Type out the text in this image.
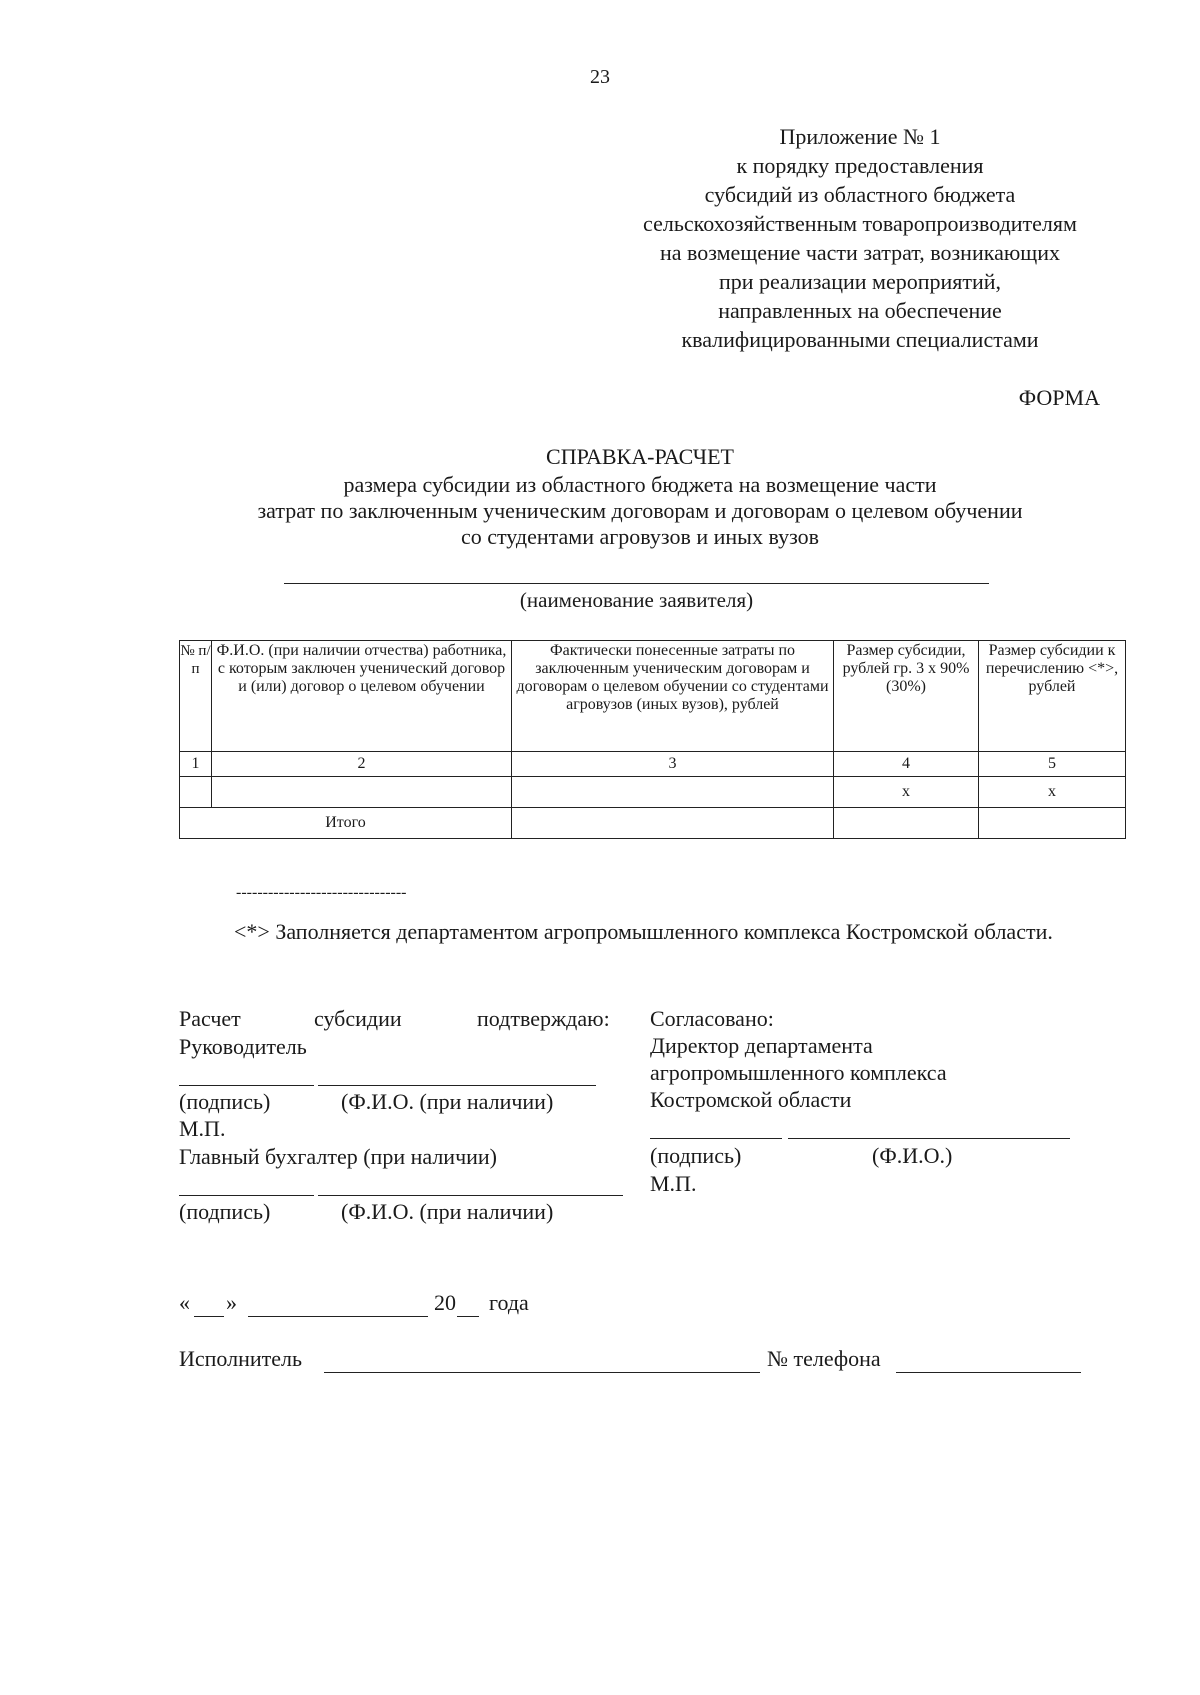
23
Приложение № 1
к порядку предоставления
субсидий из областного бюджета
сельскохозяйственным товаропроизводителям
на возмещение части затрат, возникающих
при реализации мероприятий,
направленных на обеспечение
квалифицированными специалистами
ФОРМА
СПРАВКА-РАСЧЕТ
размера субсидии из областного бюджета на возмещение части
затрат по заключенным ученическим договорам и договорам о целевом обучении
со студентами агровузов и иных вузов
(наименование заявителя)
№ п/п	Ф.И.О. (при наличии отчества) работника, с которым заключен ученический договор и (или) договор о целевом обучении	Фактически понесенные затраты по заключенным ученическим договорам и договорам о целевом обучении со студентами агровузов (иных вузов), рублей	Размер субсидии, рублей гр. 3 х 90%(30%)	Размер субсидии к перечислению <*>, рублей
1	2	3	4	5
			х	х
Итого				
--------------------------------
<*> Заполняется департаментом агропромышленного комплекса Костромской области.
Расчет	субсидии	подтверждаю:
Руководитель
(подпись)	(Ф.И.О. (при наличии)
М.П.
Главный бухгалтер (при наличии)
(подпись)	(Ф.И.О. (при наличии)
Согласовано:
Директор департамента
агропромышленного комплекса
Костромской области
(подпись)	(Ф.И.О.)
М.П.
« »	20 года
Исполнитель	№ телефона
